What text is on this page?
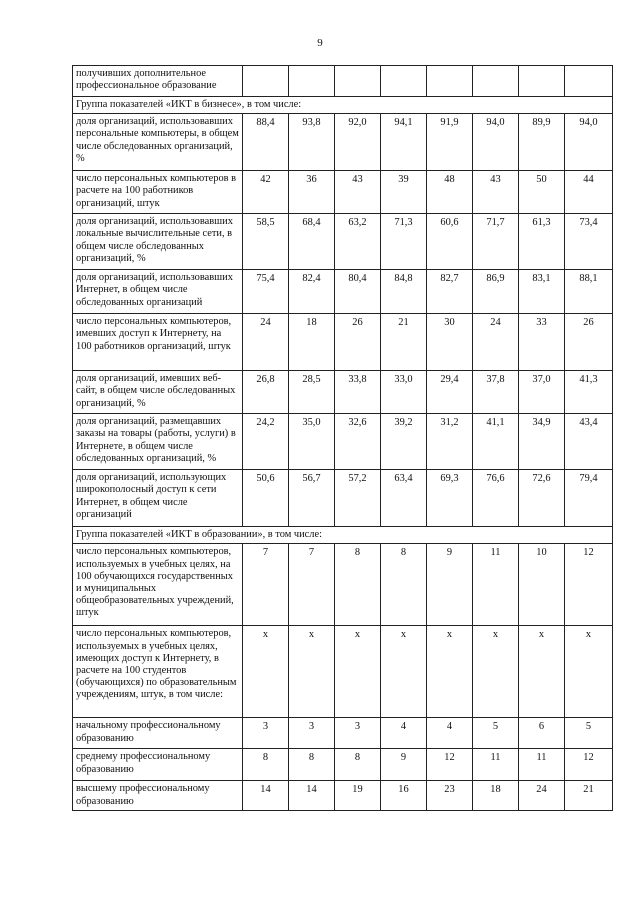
9
получивших дополнительное профессиональное образование								
Группа показателей «ИКТ в бизнесе», в том числе:								
доля организаций, использовавших персональные компьютеры, в общем числе обследованных организаций, %	88,4	93,8	92,0	94,1	91,9	94,0	89,9	94,0
число персональных компьютеров в расчете на 100 работников организаций, штук	42	36	43	39	48	43	50	44
доля организаций, использовавших локальные вычислительные сети, в общем числе обследованных организаций, %	58,5	68,4	63,2	71,3	60,6	71,7	61,3	73,4
доля организаций, использовавших Интернет, в общем числе обследованных организаций	75,4	82,4	80,4	84,8	82,7	86,9	83,1	88,1
число персональных компьютеров, имевших доступ к Интернету, на 100 работников организаций, штук	24	18	26	21	30	24	33	26
доля организаций, имевших веб-сайт, в общем числе обследованных организаций, %	26,8	28,5	33,8	33,0	29,4	37,8	37,0	41,3
доля организаций, размещавших заказы на товары (работы, услуги) в Интернете, в общем числе обследованных организаций, %	24,2	35,0	32,6	39,2	31,2	41,1	34,9	43,4
доля организаций, использующих широкополосный доступ к сети Интернет, в общем числе организаций	50,6	56,7	57,2	63,4	69,3	76,6	72,6	79,4
Группа показателей «ИКТ в образовании», в том числе:								
число персональных компьютеров, используемых в учебных целях, на 100 обучающихся государственных и муниципальных общеобразовательных учреждений, штук	7	7	8	8	9	11	10	12
число персональных компьютеров, используемых в учебных целях, имеющих доступ к Интернету, в расчете на 100 студентов (обучающихся) по образовательным учреждениям, штук, в том числе:	x	x	x	x	x	x	x	x
начальному профессиональному образованию	3	3	3	4	4	5	6	5
среднему профессиональному образованию	8	8	8	9	12	11	11	12
высшему профессиональному образованию	14	14	19	16	23	18	24	21
